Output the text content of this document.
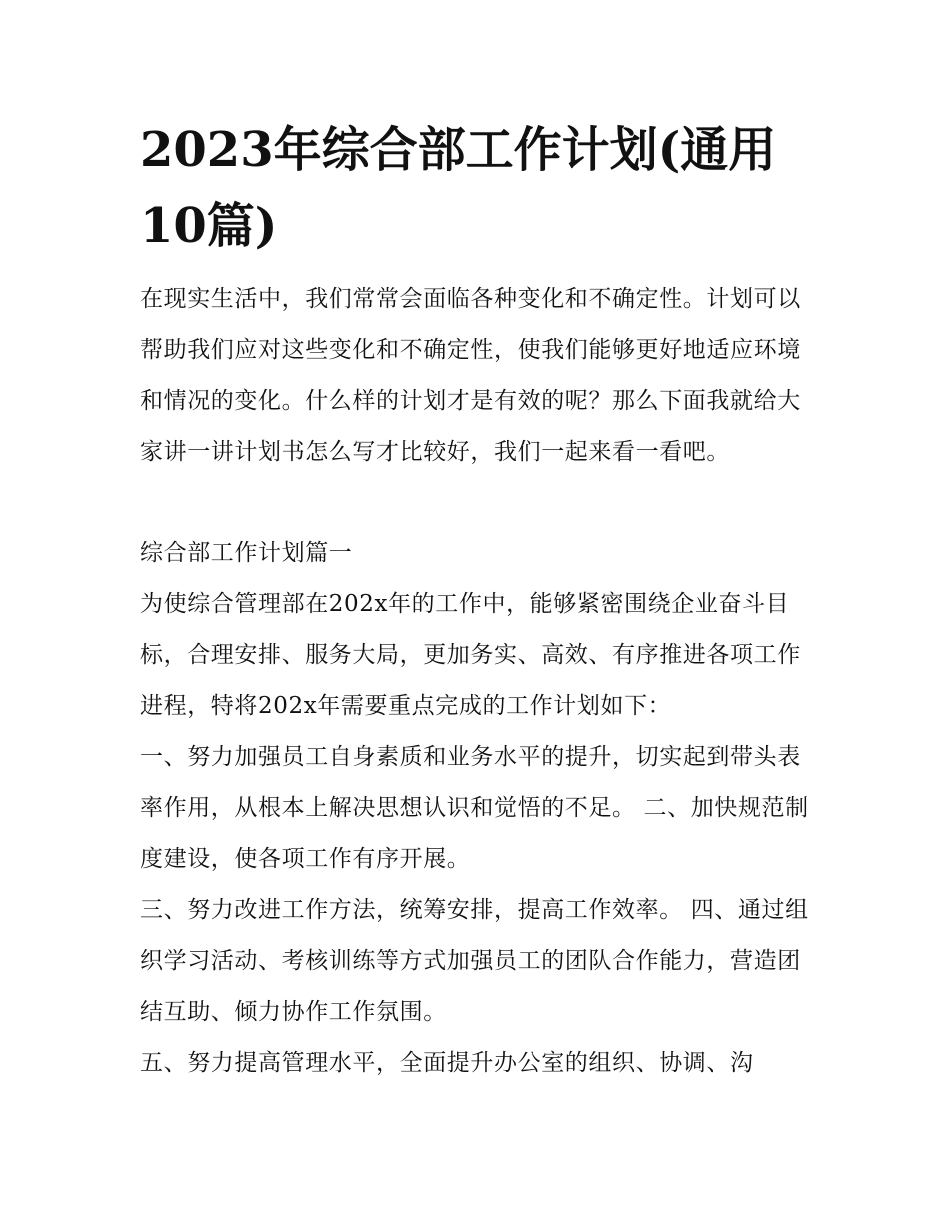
2023年综合部工作计划(通用10篇)

在现实生活中，我们常常会面临各种变化和不确定性。计划可以帮助我们应对这些变化和不确定性，使我们能够更好地适应环境和情况的变化。什么样的计划才是有效的呢？那么下面我就给大家讲一讲计划书怎么写才比较好，我们一起来看一看吧。

综合部工作计划篇一

为使综合管理部在202x年的工作中，能够紧密围绕企业奋斗目标，合理安排、服务大局，更加务实、高效、有序推进各项工作进程，特将202x年需要重点完成的工作计划如下：

一、努力加强员工自身素质和业务水平的提升，切实起到带头表率作用，从根本上解决思想认识和觉悟的不足。 二、加快规范制度建设，使各项工作有序开展。

三、努力改进工作方法，统筹安排，提高工作效率。 四、通过组织学习活动、考核训练等方式加强员工的团队合作能力，营造团结互助、倾力协作工作氛围。

五、努力提高管理水平，全面提升办公室的组织、协调、沟
